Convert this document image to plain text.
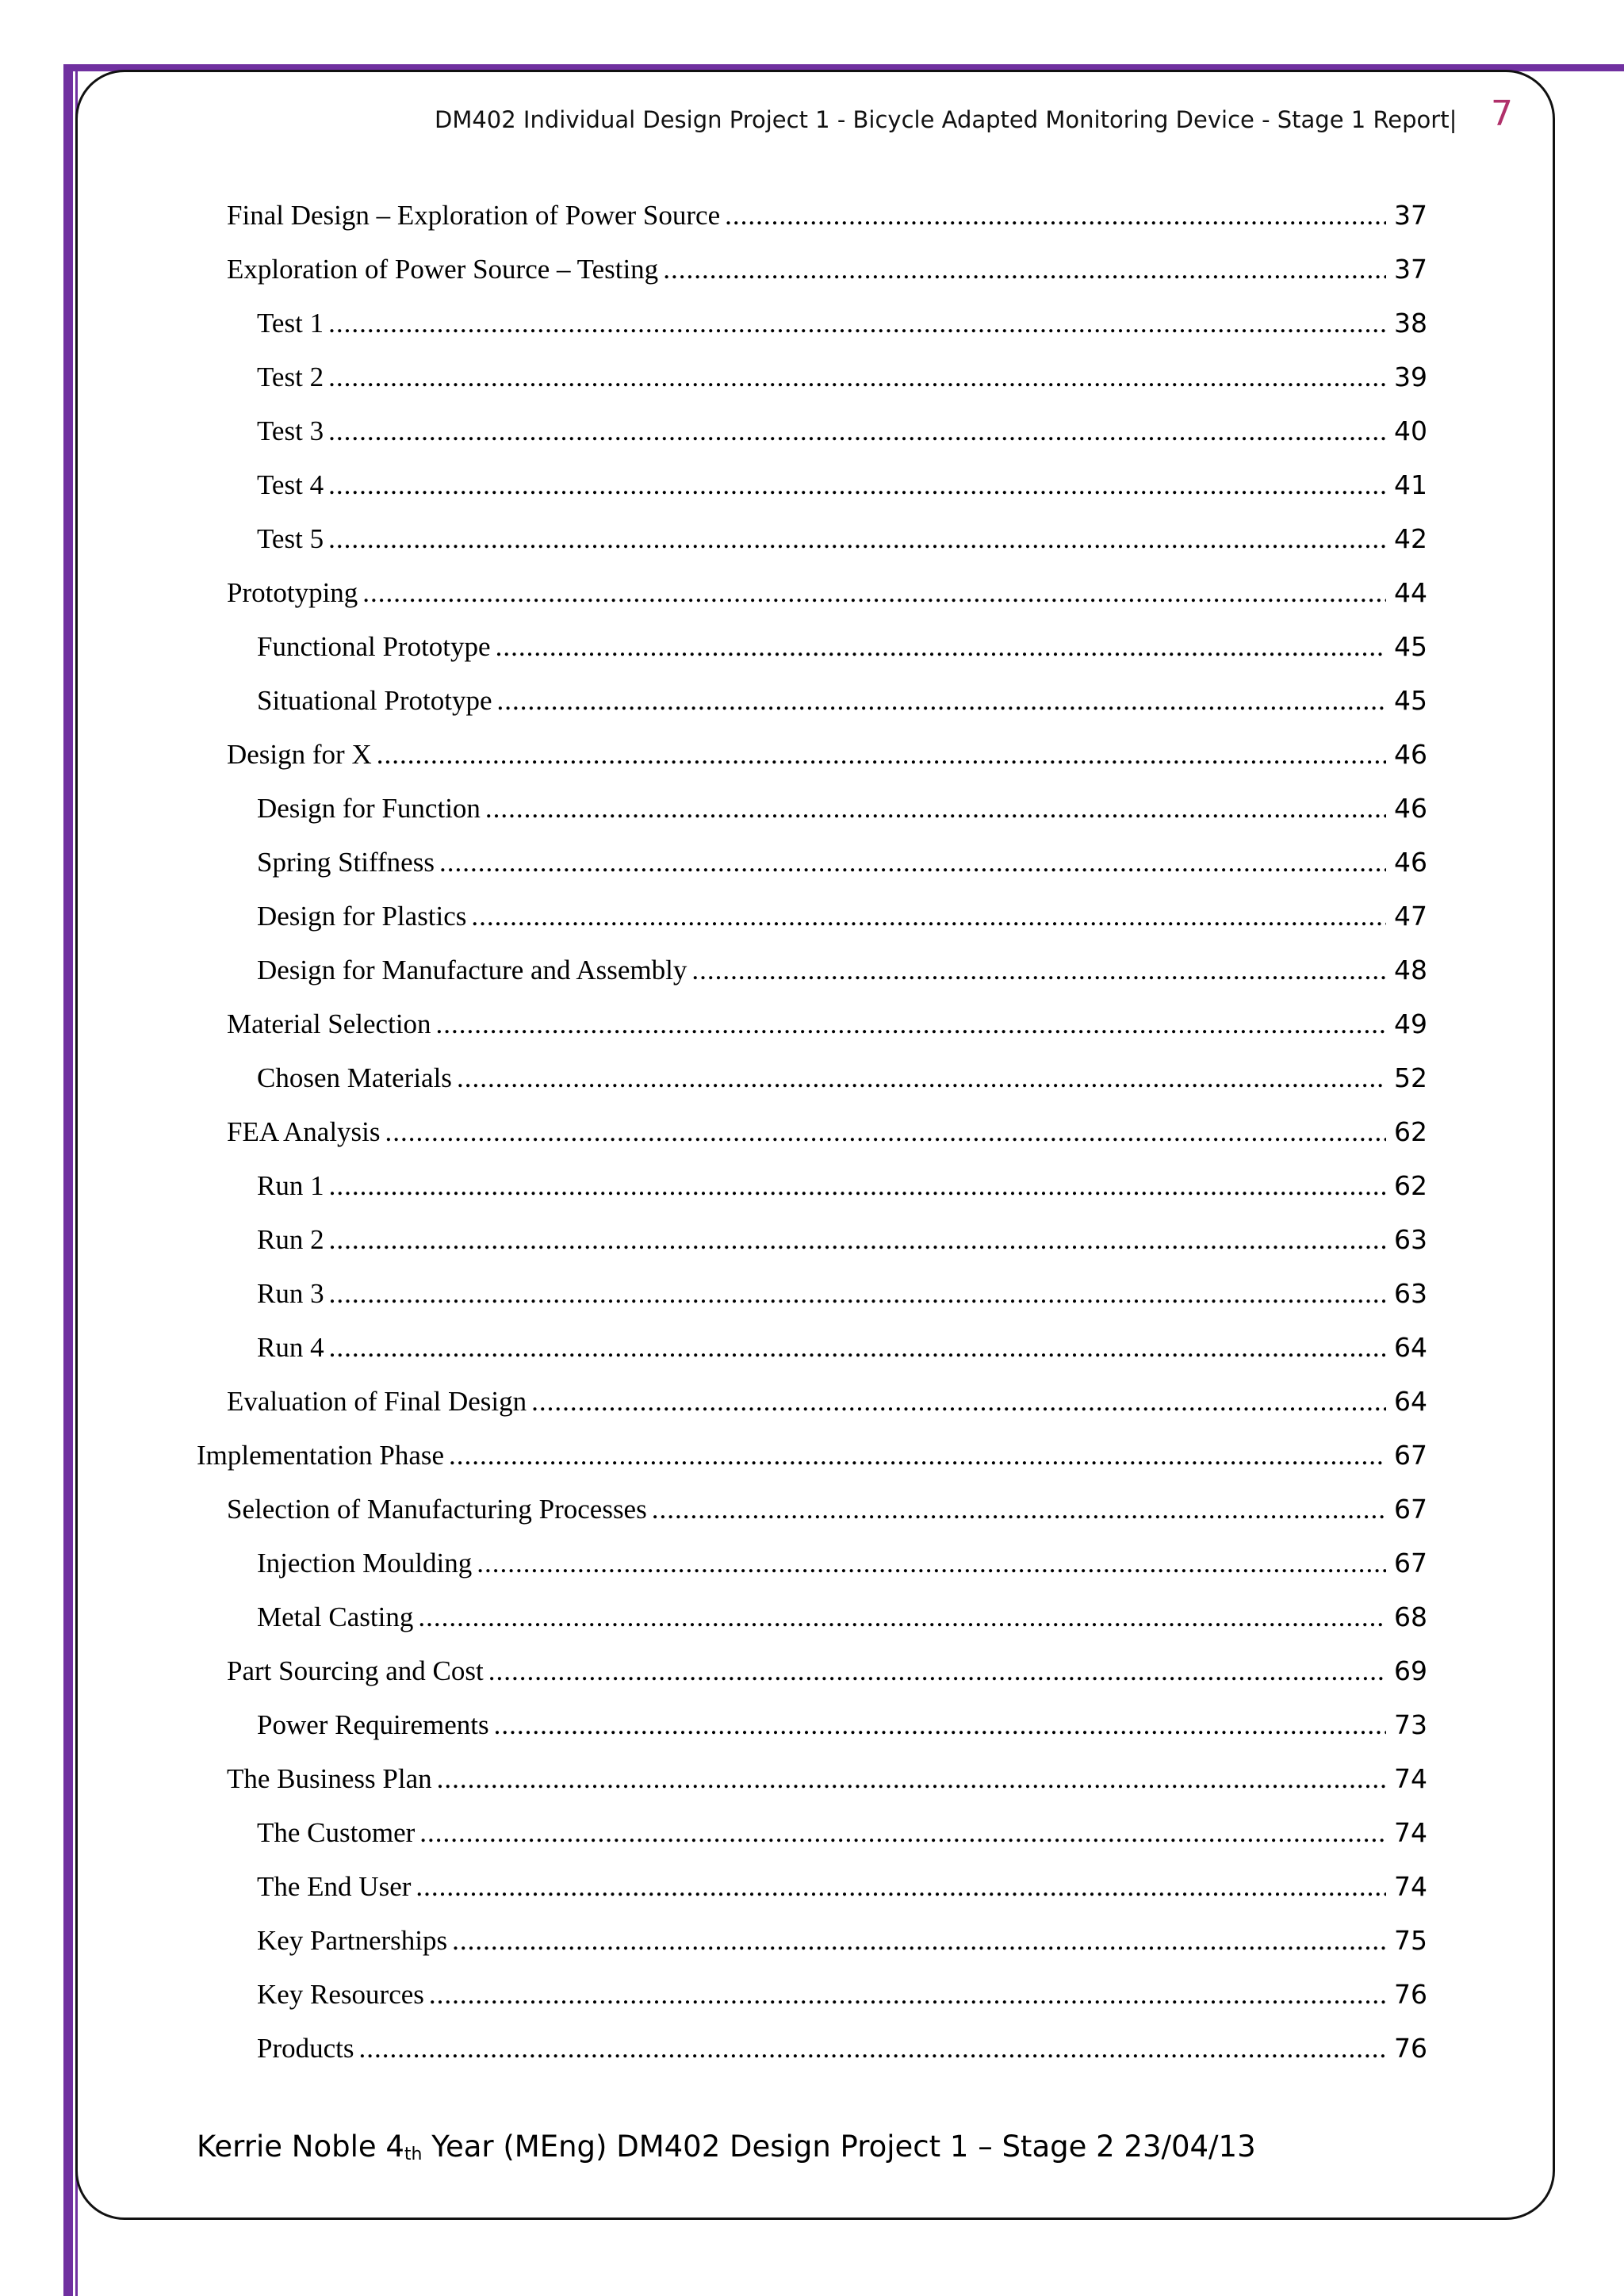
DM402 Individual Design Project 1 - Bicycle Adapted Monitoring Device - Stage 1 Report| 7
Final Design – Exploration of Power Source .....	37
Exploration of Power Source – Testing .....	37
Test 1 .....	38
Test 2 .....	39
Test 3 .....	40
Test 4 .....	41
Test 5 .....	42
Prototyping .....	44
Functional Prototype .....	45
Situational Prototype .....	45
Design for X .....	46
Design for Function .....	46
Spring Stiffness .....	46
Design for Plastics .....	47
Design for Manufacture and Assembly .....	48
Material Selection .....	49
Chosen Materials .....	52
FEA Analysis .....	62
Run 1 .....	62
Run 2 .....	63
Run 3 .....	63
Run 4 .....	64
Evaluation of Final Design .....	64
Implementation Phase .....	67
Selection of Manufacturing Processes .....	67
Injection Moulding .....	67
Metal Casting .....	68
Part Sourcing and Cost .....	69
Power Requirements .....	73
The Business Plan .....	74
The Customer .....	74
The End User .....	74
Key Partnerships .....	75
Key Resources .....	76
Products .....	76
Kerrie Noble $4_{th}$ Year (MEng) DM402 Design Project 1 – Stage 2 23/04/13
